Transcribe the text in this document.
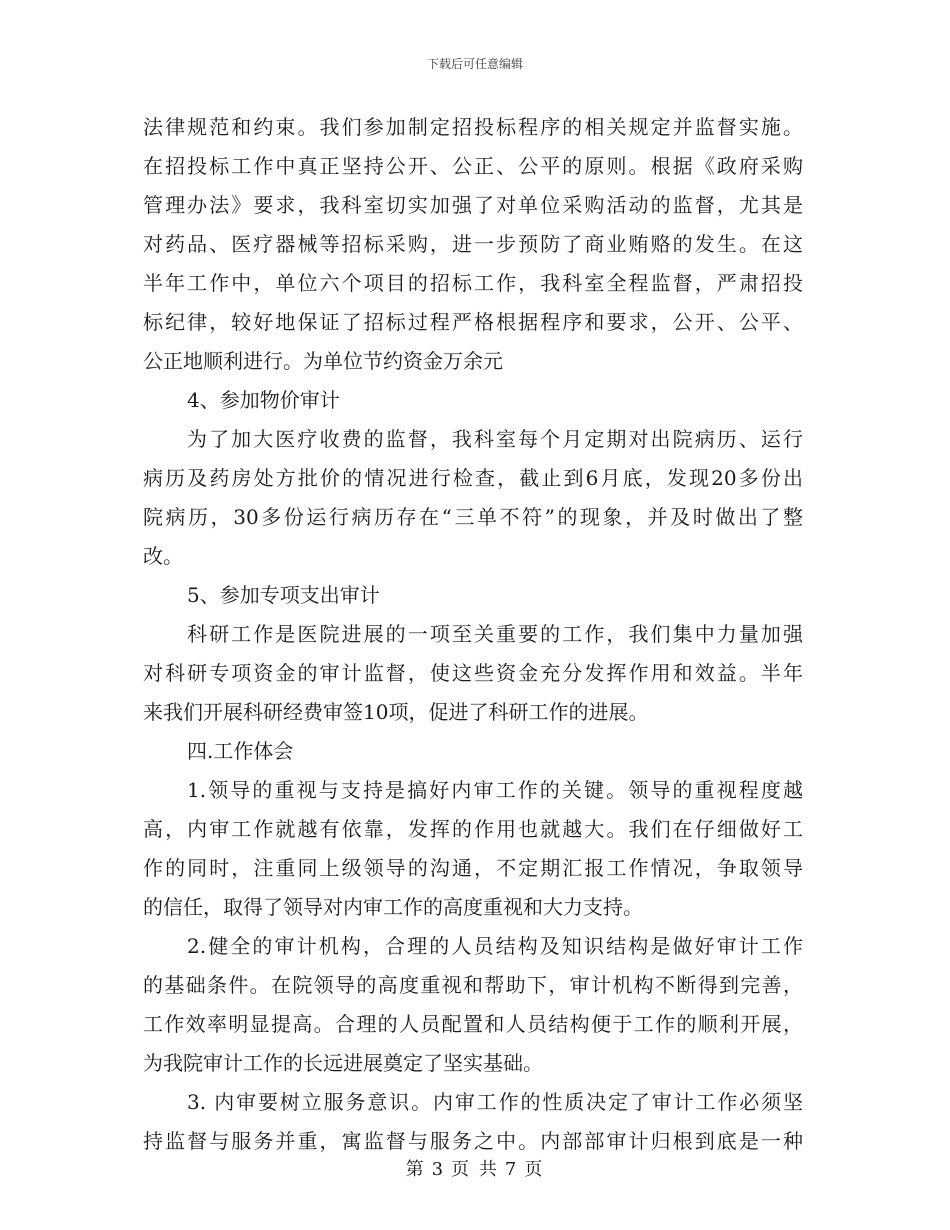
下载后可任意编辑
法律规范和约束。我们参加制定招投标程序的相关规定并监督实施。
在招投标工作中真正坚持公开、公正、公平的原则。根据《政府采购
管理办法》要求，我科室切实加强了对单位采购活动的监督，尤其是
对药品、医疗器械等招标采购，进一步预防了商业贿赂的发生。在这
半年工作中，单位六个项目的招标工作，我科室全程监督，严肃招投
标纪律，较好地保证了招标过程严格根据程序和要求，公开、公平、
公正地顺利进行。为单位节约资金万余元
4、参加物价审计
为了加大医疗收费的监督，我科室每个月定期对出院病历、运行
病历及药房处方批价的情况进行检查，截止到6月底，发现20多份出
院病历，30多份运行病历存在“三单不符”的现象，并及时做出了整
改。
5、参加专项支出审计
科研工作是医院进展的一项至关重要的工作，我们集中力量加强
对科研专项资金的审计监督，使这些资金充分发挥作用和效益。半年
来我们开展科研经费审签10项，促进了科研工作的进展。
四.工作体会
1.领导的重视与支持是搞好内审工作的关键。领导的重视程度越
高，内审工作就越有依靠，发挥的作用也就越大。我们在仔细做好工
作的同时，注重同上级领导的沟通，不定期汇报工作情况，争取领导
的信任，取得了领导对内审工作的高度重视和大力支持。
2.健全的审计机构，合理的人员结构及知识结构是做好审计工作
的基础条件。在院领导的高度重视和帮助下，审计机构不断得到完善，
工作效率明显提高。合理的人员配置和人员结构便于工作的顺利开展，
为我院审计工作的长远进展奠定了坚实基础。
3. 内审要树立服务意识。内审工作的性质决定了审计工作必须坚
持监督与服务并重，寓监督与服务之中。内部部审计归根到底是一种
第 3 页 共 7 页
